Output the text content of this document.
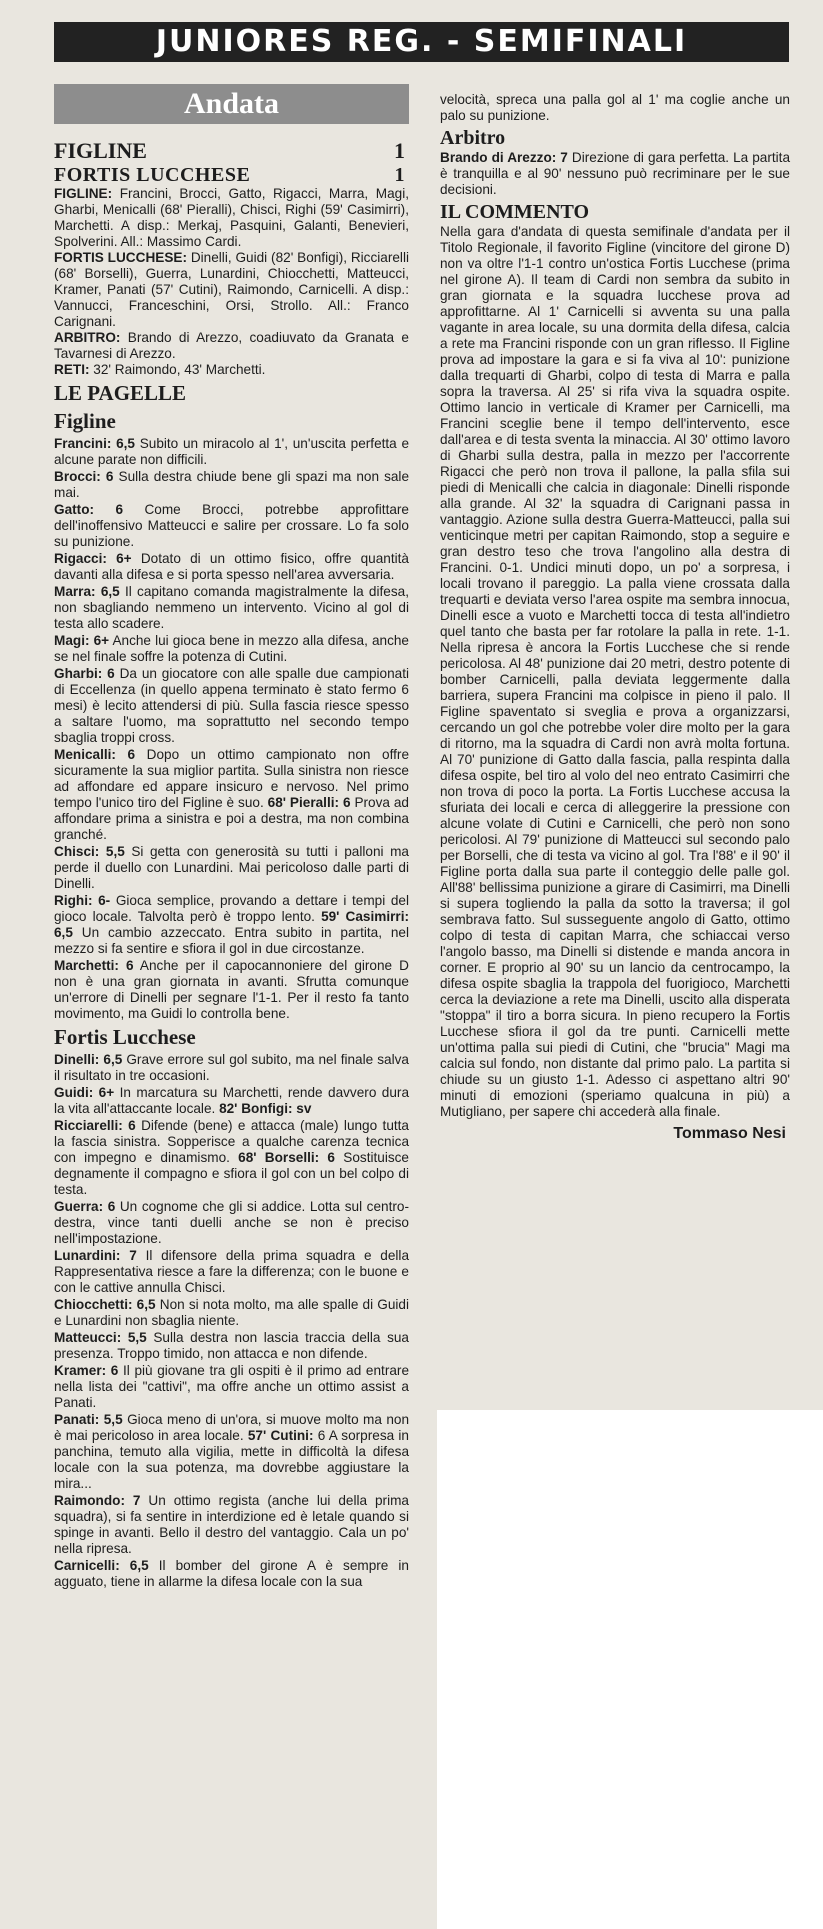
JUNIORES REG. - SEMIFINALI
Andata
FIGLINE	1
FORTIS LUCCHESE	1

FIGLINE: Francini, Brocci, Gatto, Rigacci, Marra, Magi, Gharbi, Menicalli (68' Pieralli), Chisci, Righi (59' Casimirri), Marchetti. A disp.: Merkaj, Pasquini, Galanti, Benevieri, Spolverini. All.: Massimo Cardi.

FORTIS LUCCHESE: Dinelli, Guidi (82' Bonfigi), Ricciarelli (68' Borselli), Guerra, Lunardini, Chiocchetti, Matteucci, Kramer, Panati (57' Cutini), Raimondo, Carnicelli. A disp.: Vannucci, Franceschini, Orsi, Strollo. All.: Franco Carignani.

ARBITRO: Brando di Arezzo, coadiuvato da Granata e Tavarnesi di Arezzo.

RETI: 32' Raimondo, 43' Marchetti.

LE PAGELLE
Figline

Francini: 6,5 Subito un miracolo al 1', un'uscita perfetta e alcune parate non difficili.

Brocci: 6 Sulla destra chiude bene gli spazi ma non sale mai.

Gatto: 6 Come Brocci, potrebbe approfittare dell'inoffensivo Matteucci e salire per crossare. Lo fa solo su punizione.

Rigacci: 6+ Dotato di un ottimo fisico, offre quantità davanti alla difesa e si porta spesso nell'area avversaria.

Marra: 6,5 Il capitano comanda magistralmente la difesa, non sbagliando nemmeno un intervento. Vicino al gol di testa allo scadere.

Magi: 6+ Anche lui gioca bene in mezzo alla difesa, anche se nel finale soffre la potenza di Cutini.

Gharbi: 6 Da un giocatore con alle spalle due campionati di Eccellenza (in quello appena terminato è stato fermo 6 mesi) è lecito attendersi di più. Sulla fascia riesce spesso a saltare l'uomo, ma soprattutto nel secondo tempo sbaglia troppi cross.

Menicalli: 6 Dopo un ottimo campionato non offre sicuramente la sua miglior partita. Sulla sinistra non riesce ad affondare ed appare insicuro e nervoso. Nel primo tempo l'unico tiro del Figline è suo. 68' Pieralli: 6 Prova ad affondare prima a sinistra e poi a destra, ma non combina granché.

Chisci: 5,5 Si getta con generosità su tutti i palloni ma perde il duello con Lunardini. Mai pericoloso dalle parti di Dinelli.

Righi: 6- Gioca semplice, provando a dettare i tempi del gioco locale. Talvolta però è troppo lento. 59' Casimirri: 6,5 Un cambio azzeccato. Entra subito in partita, nel mezzo si fa sentire e sfiora il gol in due circostanze.

Marchetti: 6 Anche per il capocannoniere del girone D non è una gran giornata in avanti. Sfrutta comunque un'errore di Dinelli per segnare l'1-1. Per il resto fa tanto movimento, ma Guidi lo controlla bene.

Fortis Lucchese

Dinelli: 6,5 Grave errore sul gol subito, ma nel finale salva il risultato in tre occasioni.

Guidi: 6+ In marcatura su Marchetti, rende davvero dura la vita all'attaccante locale. 82' Bonfigi: sv

Ricciarelli: 6 Difende (bene) e attacca (male) lungo tutta la fascia sinistra. Sopperisce a qualche carenza tecnica con impegno e dinamismo. 68' Borselli: 6 Sostituisce degnamente il compagno e sfiora il gol con un bel colpo di testa.

Guerra: 6 Un cognome che gli si addice. Lotta sul centro- destra, vince tanti duelli anche se non è preciso nell'impostazione.

Lunardini: 7 Il difensore della prima squadra e della Rappresentativa riesce a fare la differenza; con le buone e con le cattive annulla Chisci.

Chiocchetti: 6,5 Non si nota molto, ma alle spalle di Guidi e Lunardini non sbaglia niente.

Matteucci: 5,5 Sulla destra non lascia traccia della sua presenza. Troppo timido, non attacca e non difende.

Kramer: 6 Il più giovane tra gli ospiti è il primo ad entrare nella lista dei "cattivi", ma offre anche un ottimo assist a Panati.

Panati: 5,5 Gioca meno di un'ora, si muove molto ma non è mai pericoloso in area locale. 57' Cutini: 6 A sorpresa in panchina, temuto alla vigilia, mette in difficoltà la difesa locale con la sua potenza, ma dovrebbe aggiustare la mira...

Raimondo: 7 Un ottimo regista (anche lui della prima squadra), si fa sentire in interdizione ed è letale quando si spinge in avanti. Bello il destro del vantaggio. Cala un po' nella ripresa.

Carnicelli: 6,5 Il bomber del girone A è sempre in agguato, tiene in allarme la difesa locale con la sua

velocità, spreca una palla gol al 1' ma coglie anche un palo su punizione.

Arbitro

Brando di Arezzo: 7 Direzione di gara perfetta. La partita è tranquilla e al 90' nessuno può recriminare per le sue decisioni.

IL COMMENTO

Nella gara d'andata di questa semifinale d'andata per il Titolo Regionale, il favorito Figline (vincitore del girone D) non va oltre l'1-1 contro un'ostica Fortis Lucchese (prima nel girone A). Il team di Cardi non sembra da subito in gran giornata e la squadra lucchese prova ad approfittarne. Al 1' Carnicelli si avventa su una palla vagante in area locale, su una dormita della difesa, calcia a rete ma Francini risponde con un gran riflesso. Il Figline prova ad impostare la gara e si fa viva al 10': punizione dalla trequarti di Gharbi, colpo di testa di Marra e palla sopra la traversa. Al 25' si rifa viva la squadra ospite. Ottimo lancio in verticale di Kramer per Carnicelli, ma Francini sceglie bene il tempo dell'intervento, esce dall'area e di testa sventa la minaccia. Al 30' ottimo lavoro di Gharbi sulla destra, palla in mezzo per l'accorrente Rigacci che però non trova il pallone, la palla sfila sui piedi di Menicalli che calcia in diagonale: Dinelli risponde alla grande. Al 32' la squadra di Carignani passa in vantaggio. Azione sulla destra Guerra-Matteucci, palla sui venticinque metri per capitan Raimondo, stop a seguire e gran destro teso che trova l'angolino alla destra di Francini. 0-1. Undici minuti dopo, un po' a sorpresa, i locali trovano il pareggio. La palla viene crossata dalla trequarti e deviata verso l'area ospite ma sembra innocua, Dinelli esce a vuoto e Marchetti tocca di testa all'indietro quel tanto che basta per far rotolare la palla in rete. 1-1. Nella ripresa è ancora la Fortis Lucchese che si rende pericolosa. Al 48' punizione dai 20 metri, destro potente di bomber Carnicelli, palla deviata leggermente dalla barriera, supera Francini ma colpisce in pieno il palo. Il Figline spaventato si sveglia e prova a organizzarsi, cercando un gol che potrebbe voler dire molto per la gara di ritorno, ma la squadra di Cardi non avrà molta fortuna. Al 70' punizione di Gatto dalla fascia, palla respinta dalla difesa ospite, bel tiro al volo del neo entrato Casimirri che non trova di poco la porta. La Fortis Lucchese accusa la sfuriata dei locali e cerca di alleggerire la pressione con alcune volate di Cutini e Carnicelli, che però non sono pericolosi. Al 79' punizione di Matteucci sul secondo palo per Borselli, che di testa va vicino al gol. Tra l'88' e il 90' il Figline porta dalla sua parte il conteggio delle palle gol. All'88' bellissima punizione a girare di Casimirri, ma Dinelli si supera togliendo la palla da sotto la traversa; il gol sembrava fatto. Sul susseguente angolo di Gatto, ottimo colpo di testa di capitan Marra, che schiaccai verso l'angolo basso, ma Dinelli si distende e manda ancora in corner. E proprio al 90' su un lancio da centrocampo, la difesa ospite sbaglia la trappola del fuorigioco, Marchetti cerca la deviazione a rete ma Dinelli, uscito alla disperata "stoppa" il tiro a borra sicura. In pieno recupero la Fortis Lucchese sfiora il gol da tre punti. Carnicelli mette un'ottima palla sui piedi di Cutini, che "brucia" Magi ma calcia sul fondo, non distante dal primo palo. La partita si chiude su un giusto 1-1. Adesso ci aspettano altri 90' minuti di emozioni (speriamo qualcuna in più) a Mutigliano, per sapere chi accederà alla finale.

Tommaso Nesi
